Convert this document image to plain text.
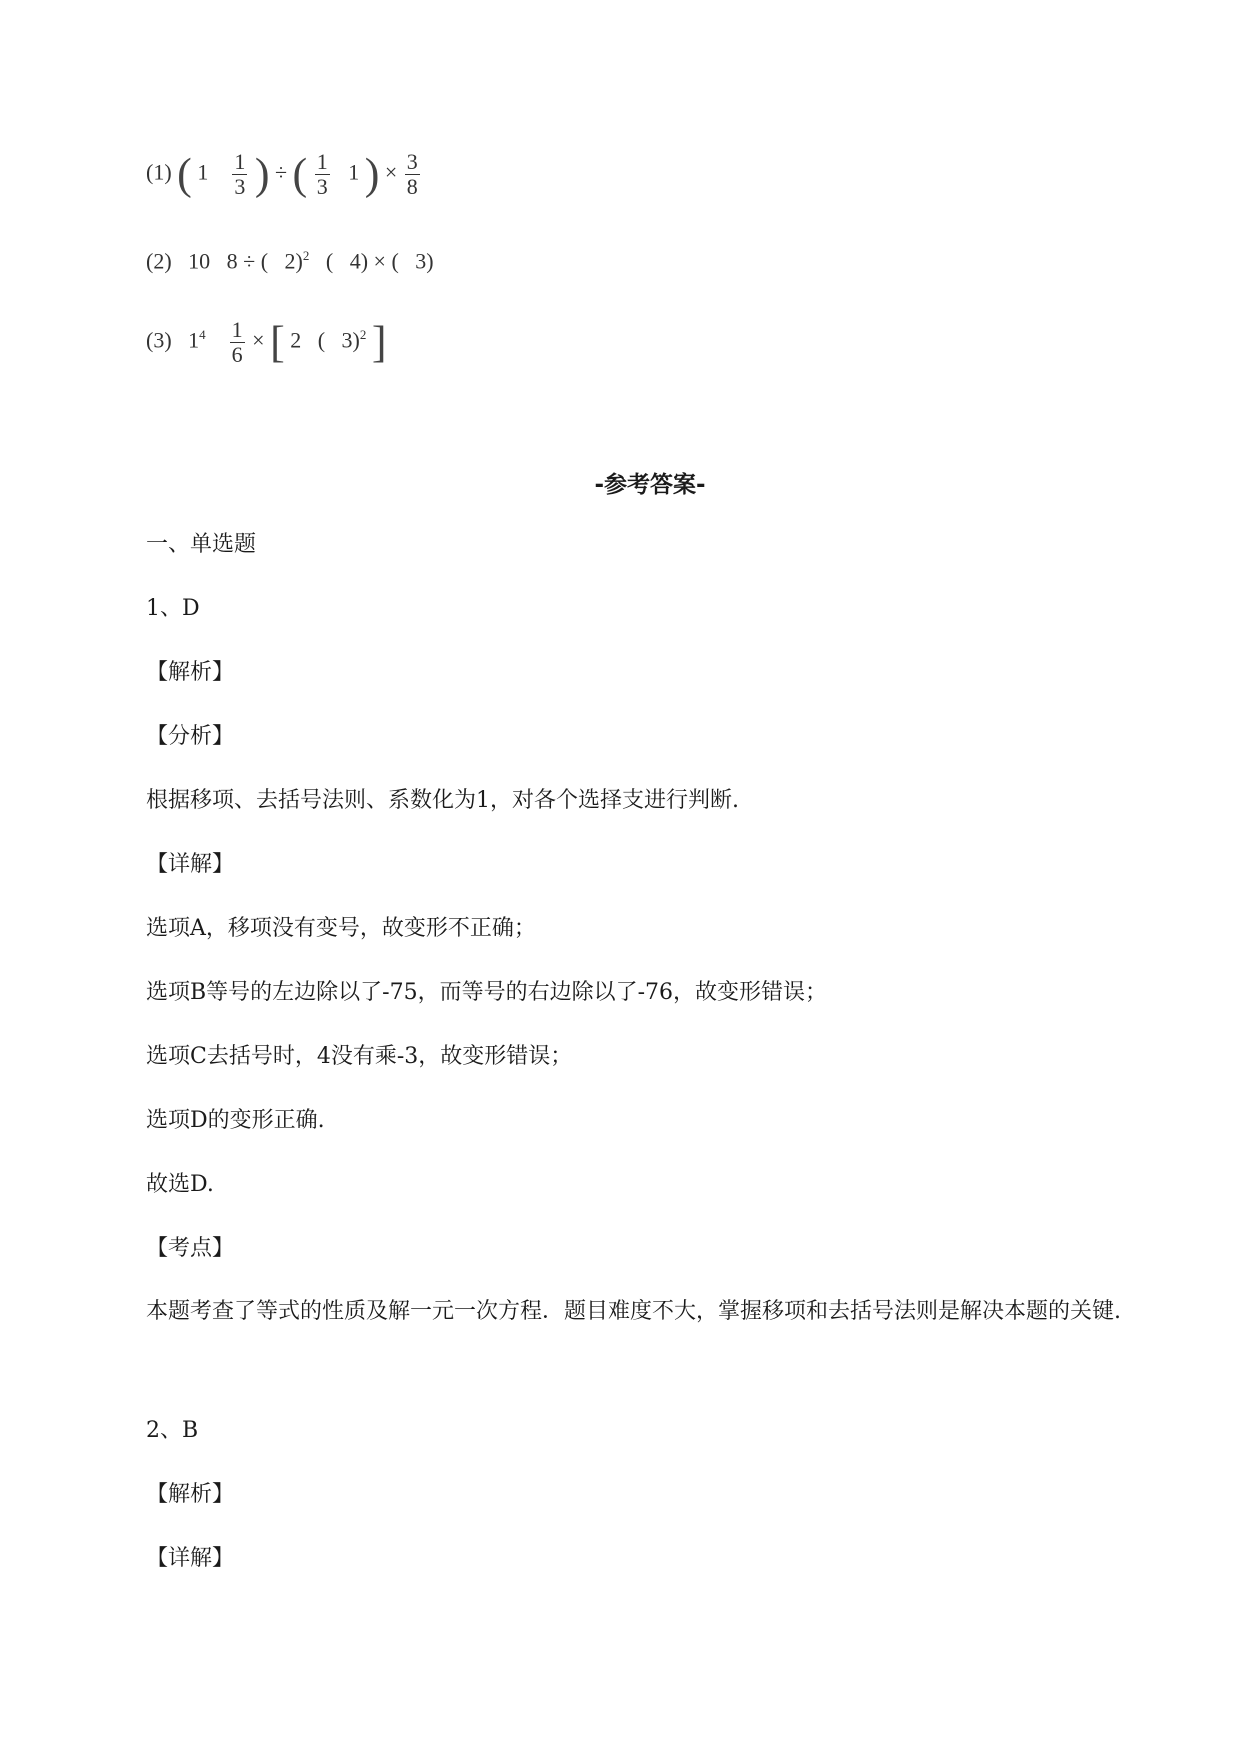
(1) ( $1 \frac{1}{3}$ ) ÷ ( $\frac{1}{3} 1$ ) × $\frac{3}{8}$
(2) 10   8 ÷ (   2)$^2$   (   4) × (   3)
(3) $1^4 \frac{1}{6}$ × [ 2   (   3)$^2$ ]
-参考答案-
一、单选题
1、D
【解析】
【分析】
根据移项、去括号法则、系数化为1，对各个选择支进行判断.
【详解】
选项A，移项没有变号，故变形不正确；
选项B等号的左边除以了-75，而等号的右边除以了-76，故变形错误；
选项C去括号时，4没有乘-3，故变形错误；
选项D的变形正确.
故选D.
【考点】
本题考查了等式的性质及解一元一次方程．题目难度不大，掌握移项和去括号法则是解决本题的关键.
2、B
【解析】
【详解】
